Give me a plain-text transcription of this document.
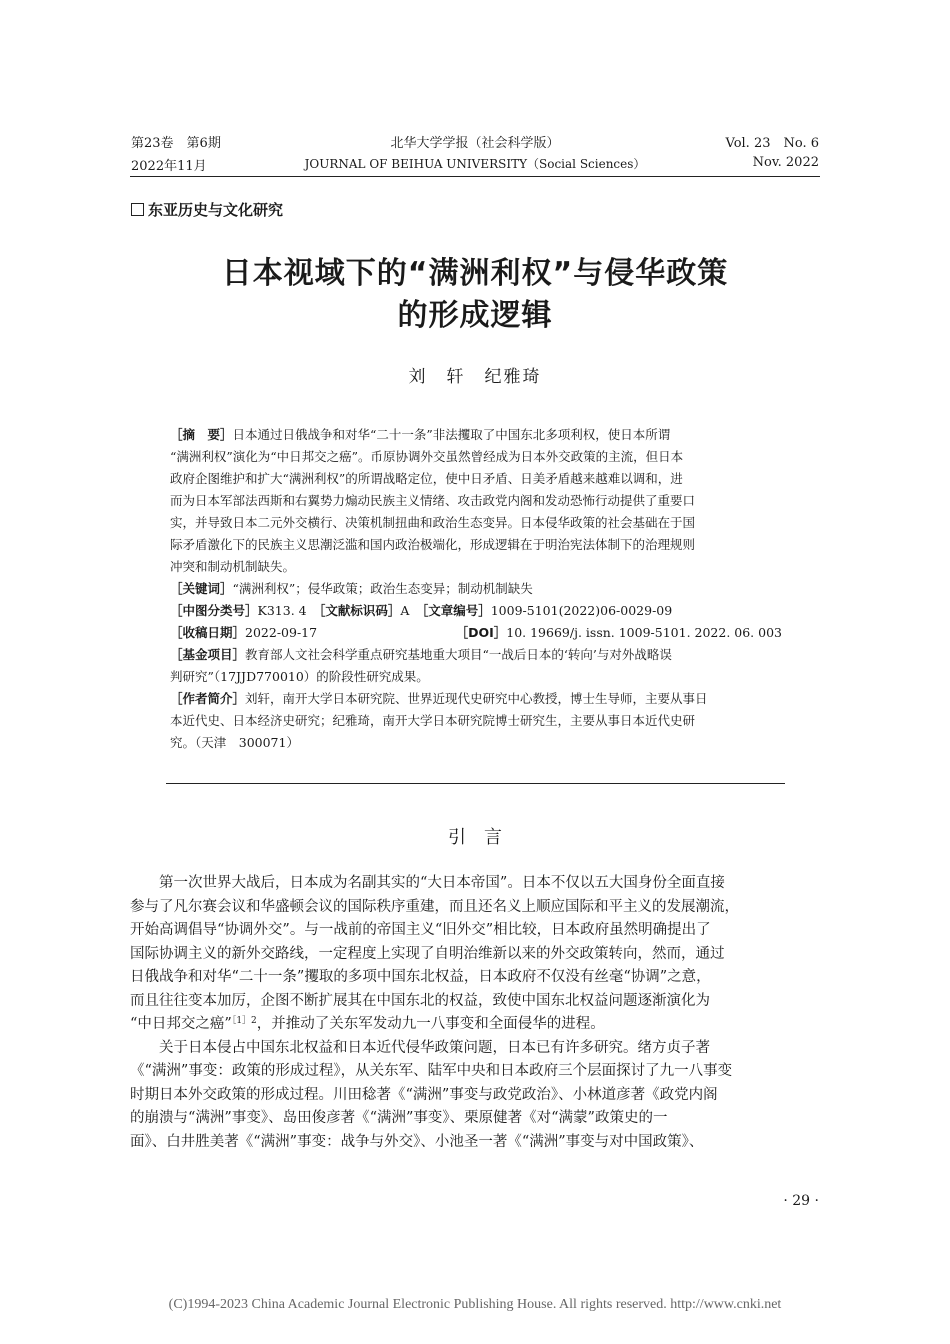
第23卷　第6期	北华大学学报（社会科学版）	Vol. 23　No. 6
2022年11月	JOURNAL OF BEIHUA UNIVERSITY（Social Sciences）	Nov. 2022
东亚历史与文化研究
日本视域下的“满洲利权”与侵华政策
的形成逻辑
刘　轩　纪雅琦
［摘　要］日本通过日俄战争和对华“二十一条”非法攫取了中国东北多项利权，使日本所谓
“满洲利权”演化为“中日邦交之癌”。币原协调外交虽然曾经成为日本外交政策的主流，但日本
政府企图维护和扩大“满洲利权”的所谓战略定位，使中日矛盾、日美矛盾越来越难以调和，进
而为日本军部法西斯和右翼势力煽动民族主义情绪、攻击政党内阁和发动恐怖行动提供了重要口
实，并导致日本二元外交横行、决策机制扭曲和政治生态变异。日本侵华政策的社会基础在于国
际矛盾激化下的民族主义思潮泛滥和国内政治极端化，形成逻辑在于明治宪法体制下的治理规则
冲突和制动机制缺失。
［关键词］“满洲利权”；侵华政策；政治生态变异；制动机制缺失
［中图分类号］K313. 4　 ［文献标识码］A　 ［文章编号］1009-5101(2022)06-0029-09
［收稿日期］2022-09-17	［DOI］10. 19669/j. issn. 1009-5101. 2022. 06. 003
［基金项目］教育部人文社会科学重点研究基地重大项目“一战后日本的‘转向’与对外战略误
判研究”（17JJD770010）的阶段性研究成果。
［作者简介］刘轩，南开大学日本研究院、世界近现代史研究中心教授，博士生导师，主要从事日
本近代史、日本经济史研究；纪雅琦，南开大学日本研究院博士研究生，主要从事日本近代史研
究。（天津　300071）
引言
第一次世界大战后，日本成为名副其实的“大日本帝国”。日本不仅以五大国身份全面直接
参与了凡尔赛会议和华盛顿会议的国际秩序重建，而且还名义上顺应国际和平主义的发展潮流，
开始高调倡导“协调外交”。与一战前的帝国主义“旧外交”相比较，日本政府虽然明确提出了
国际协调主义的新外交路线，一定程度上实现了自明治维新以来的外交政策转向，然而，通过
日俄战争和对华“二十一条”攫取的多项中国东北权益，日本政府不仅没有丝毫“协调”之意，
而且往往变本加厉，企图不断扩展其在中国东北的权益，致使中国东北权益问题逐渐演化为
“中日邦交之癌”$^{[1]2}$，并推动了关东军发动九一八事变和全面侵华的进程。
关于日本侵占中国东北权益和日本近代侵华政策问题，日本已有许多研究。绪方贞子著
《“满洲”事变：政策的形成过程》，从关东军、陆军中央和日本政府三个层面探讨了九一八事变
时期日本外交政策的形成过程。川田稔著《“满洲”事变与政党政治》、小林道彦著《政党内阁
的崩溃与“满洲”事变》、岛田俊彦著《“满洲”事变》、栗原健著《对“满蒙”政策史的一
面》、白井胜美著《“满洲”事变：战争与外交》、小池圣一著《“满洲”事变与对中国政策》、
· 29 ·
(C)1994-2023 China Academic Journal Electronic Publishing House. All rights reserved. http://www.cnki.net
